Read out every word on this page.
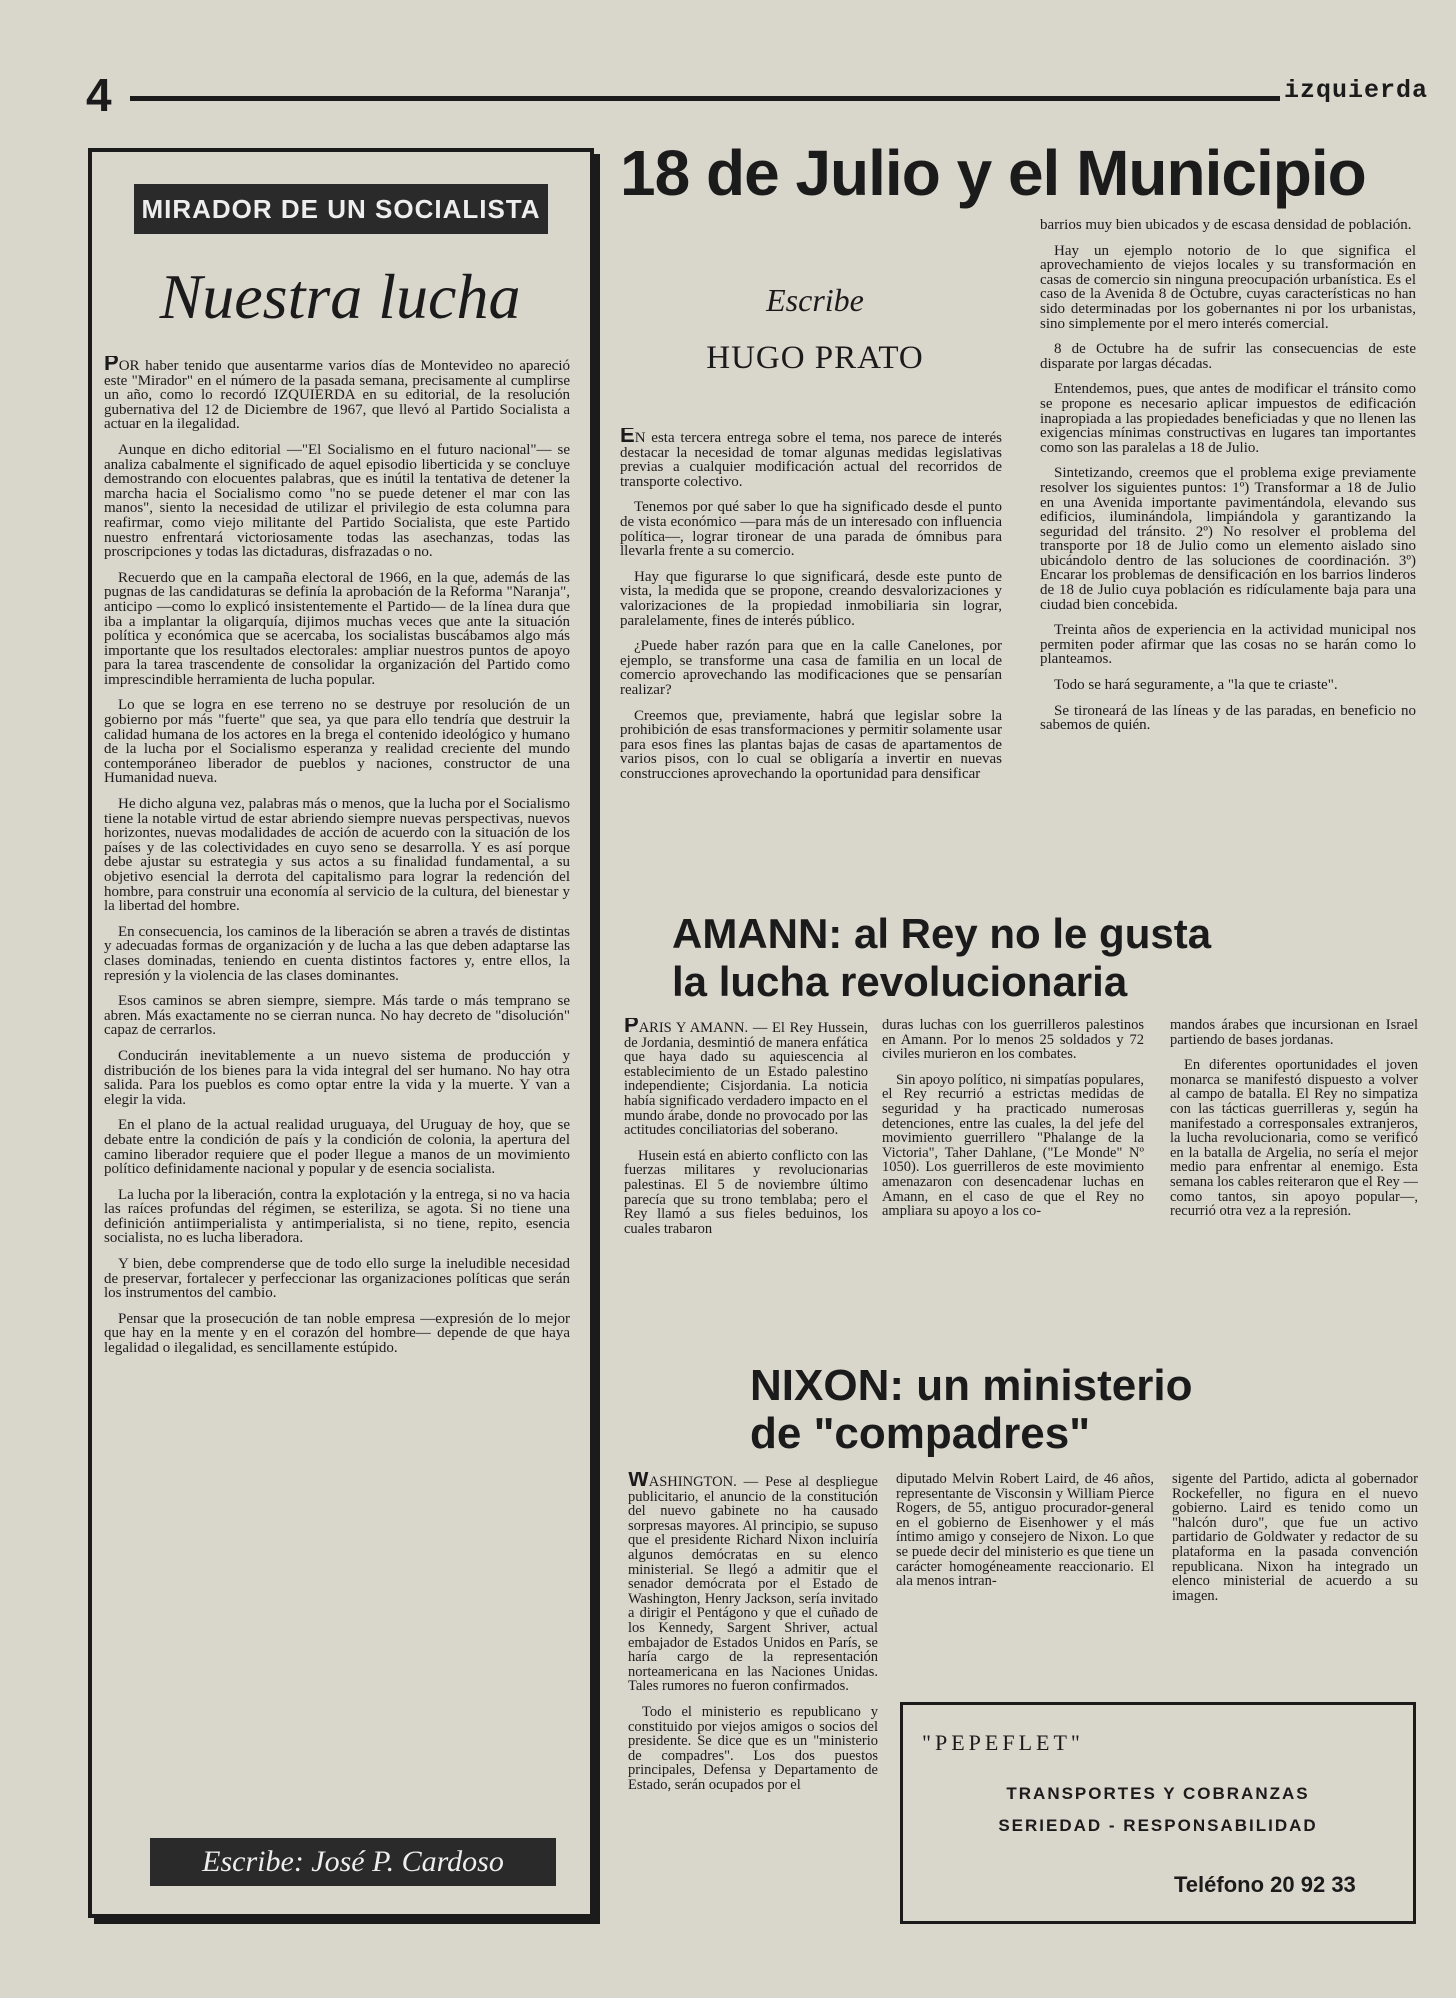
4	izquierda
MIRADOR DE UN SOCIALISTA
Nuestra lucha

POR haber tenido que ausentarme varios días de Montevideo no apareció este "Mirador" en el número de la pasada semana, precisamente al cumplirse un año, como lo recordó IZQUIERDA en su editorial, de la resolución gubernativa del 12 de Diciembre de 1967, que llevó al Partido Socialista a actuar en la ilegalidad.

Aunque en dicho editorial —"El Socialismo en el futuro nacional"— se analiza cabalmente el significado de aquel episodio liberticida y se concluye demostrando con elocuentes palabras, que es inútil la tentativa de detener la marcha hacia el Socialismo como "no se puede detener el mar con las manos", siento la necesidad de utilizar el privilegio de esta columna para reafirmar, como viejo militante del Partido Socialista, que este Partido nuestro enfrentará victoriosamente todas las asechanzas, todas las proscripciones y todas las dictaduras, disfrazadas o no.

Recuerdo que en la campaña electoral de 1966, en la que, además de las pugnas de las candidaturas se definía la aprobación de la Reforma "Naranja", anticipo —como lo explicó insistentemente el Partido— de la línea dura que iba a implantar la oligarquía, dijimos muchas veces que ante la situación política y económica que se acercaba, los socialistas buscábamos algo más importante que los resultados electorales: ampliar nuestros puntos de apoyo para la tarea trascendente de consolidar la organización del Partido como imprescindible herramienta de lucha popular.

Lo que se logra en ese terreno no se destruye por resolución de un gobierno por más "fuerte" que sea, ya que para ello tendría que destruir la calidad humana de los actores en la brega el contenido ideológico y humano de la lucha por el Socialismo esperanza y realidad creciente del mundo contemporáneo liberador de pueblos y naciones, constructor de una Humanidad nueva.

He dicho alguna vez, palabras más o menos, que la lucha por el Socialismo tiene la notable virtud de estar abriendo siempre nuevas perspectivas, nuevos horizontes, nuevas modalidades de acción de acuerdo con la situación de los países y de las colectividades en cuyo seno se desarrolla. Y es así porque debe ajustar su estrategia y sus actos a su finalidad fundamental, a su objetivo esencial la derrota del capitalismo para lograr la redención del hombre, para construir una economía al servicio de la cultura, del bienestar y la libertad del hombre.

En consecuencia, los caminos de la liberación se abren a través de distintas y adecuadas formas de organización y de lucha a las que deben adaptarse las clases dominadas, teniendo en cuenta distintos factores y, entre ellos, la represión y la violencia de las clases dominantes.

Esos caminos se abren siempre, siempre. Más tarde o más temprano se abren. Más exactamente no se cierran nunca. No hay decreto de "disolución" capaz de cerrarlos.

Conducirán inevitablemente a un nuevo sistema de producción y distribución de los bienes para la vida integral del ser humano. No hay otra salida. Para los pueblos es como optar entre la vida y la muerte. Y van a elegir la vida.

En el plano de la actual realidad uruguaya, del Uruguay de hoy, que se debate entre la condición de país y la condición de colonia, la apertura del camino liberador requiere que el poder llegue a manos de un movimiento político definidamente nacional y popular y de esencia socialista.

La lucha por la liberación, contra la explotación y la entrega, si no va hacia las raíces profundas del régimen, se esteriliza, se agota. Si no tiene una definición antiimperialista y antimperialista, si no tiene, repito, esencia socialista, no es lucha liberadora.

Y bien, debe comprenderse que de todo ello surge la ineludible necesidad de preservar, fortalecer y perfeccionar las organizaciones políticas que serán los instrumentos del cambio.

Pensar que la prosecución de tan noble empresa —expresión de lo mejor que hay en la mente y en el corazón del hombre— depende de que haya legalidad o ilegalidad, es sencillamente estúpido.

Escribe: José P. Cardoso
18 de Julio y el Municipio
Escribe
HUGO PRATO

EN esta tercera entrega sobre el tema, nos parece de interés destacar la necesidad de tomar algunas medidas legislativas previas a cualquier modificación actual del recorridos de transporte colectivo.

Tenemos por qué saber lo que ha significado desde el punto de vista económico —para más de un interesado con influencia política—, lograr tironear de una parada de ómnibus para llevarla frente a su comercio.

Hay que figurarse lo que significará, desde este punto de vista, la medida que se propone, creando desvalorizaciones y valorizaciones de la propiedad inmobiliaria sin lograr, paralelamente, fines de interés público.

¿Puede haber razón para que en la calle Canelones, por ejemplo, se transforme una casa de familia en un local de comercio aprovechando las modificaciones que se pensarían realizar?

Creemos que, previamente, habrá que legislar sobre la prohibición de esas transformaciones y permitir solamente usar para esos fines las plantas bajas de casas de apartamentos de varios pisos, con lo cual se obligaría a invertir en nuevas construcciones aprovechando la oportunidad para densificar

barrios muy bien ubicados y de escasa densidad de población.

Hay un ejemplo notorio de lo que significa el aprovechamiento de viejos locales y su transformación en casas de comercio sin ninguna preocupación urbanística. Es el caso de la Avenida 8 de Octubre, cuyas características no han sido determinadas por los gobernantes ni por los urbanistas, sino simplemente por el mero interés comercial.

8 de Octubre ha de sufrir las consecuencias de este disparate por largas décadas.

Entendemos, pues, que antes de modificar el tránsito como se propone es necesario aplicar impuestos de edificación inapropiada a las propiedades beneficiadas y que no llenen las exigencias mínimas constructivas en lugares tan importantes como son las paralelas a 18 de Julio.

Sintetizando, creemos que el problema exige previamente resolver los siguientes puntos: 1º) Transformar a 18 de Julio en una Avenida importante pavimentándola, elevando sus edificios, iluminándola, limpiándola y garantizando la seguridad del tránsito. 2º) No resolver el problema del transporte por 18 de Julio como un elemento aislado sino ubicándolo dentro de las soluciones de coordinación. 3º) Encarar los problemas de densificación en los barrios linderos de 18 de Julio cuya población es ridículamente baja para una ciudad bien concebida.

Treinta años de experiencia en la actividad municipal nos permiten poder afirmar que las cosas no se harán como lo planteamos.

Todo se hará seguramente, a "la que te criaste".

Se tironeará de las líneas y de las paradas, en beneficio no sabemos de quién.

AMANN: al Rey no le gusta
la lucha revolucionaria

PARIS Y AMANN. — El Rey Hussein, de Jordania, desmintió de manera enfática que haya dado su aquiescencia al establecimiento de un Estado palestino independiente; Cisjordania. La noticia había significado verdadero impacto en el mundo árabe, donde no provocado por las actitudes conciliatorias del soberano.

Husein está en abierto conflicto con las fuerzas militares y revolucionarias palestinas. El 5 de noviembre último parecía que su trono temblaba; pero el Rey llamó a sus fieles beduinos, los cuales trabaron

duras luchas con los guerrilleros palestinos en Amann. Por lo menos 25 soldados y 72 civiles murieron en los combates.

Sin apoyo político, ni simpatías populares, el Rey recurrió a estrictas medidas de seguridad y ha practicado numerosas detenciones, entre las cuales, la del jefe del movimiento guerrillero "Phalange de la Victoria", Taher Dahlane, ("Le Monde" Nº 1050). Los guerrilleros de este movimiento amenazaron con desencadenar luchas en Amann, en el caso de que el Rey no ampliara su apoyo a los co-

mandos árabes que incursionan en Israel partiendo de bases jordanas.

En diferentes oportunidades el joven monarca se manifestó dispuesto a volver al campo de batalla. El Rey no simpatiza con las tácticas guerrilleras y, según ha manifestado a corresponsales extranjeros, la lucha revolucionaria, como se verificó en la batalla de Argelia, no sería el mejor medio para enfrentar al enemigo. Esta semana los cables reiteraron que el Rey —como tantos, sin apoyo popular—, recurrió otra vez a la represión.

NIXON: un ministerio
de "compadres"

WASHINGTON. — Pese al despliegue publicitario, el anuncio de la constitución del nuevo gabinete no ha causado sorpresas mayores. Al principio, se supuso que el presidente Richard Nixon incluiría algunos demócratas en su elenco ministerial. Se llegó a admitir que el senador demócrata por el Estado de Washington, Henry Jackson, sería invitado a dirigir el Pentágono y que el cuñado de los Kennedy, Sargent Shriver, actual embajador de Estados Unidos en París, se haría cargo de la representación norteamericana en las Naciones Unidas. Tales rumores no fueron confirmados.

Todo el ministerio es republicano y constituido por viejos amigos o socios del presidente. Se dice que es un "ministerio de compadres". Los dos puestos principales, Defensa y Departamento de Estado, serán ocupados por el

diputado Melvin Robert Laird, de 46 años, representante de Visconsin y William Pierce Rogers, de 55, antiguo procurador-general en el gobierno de Eisenhower y el más íntimo amigo y consejero de Nixon. Lo que se puede decir del ministerio es que tiene un carácter homogéneamente reaccionario. El ala menos intran-

sigente del Partido, adicta al gobernador Rockefeller, no figura en el nuevo gobierno. Laird es tenido como un "halcón duro", que fue un activo partidario de Goldwater y redactor de su plataforma en la pasada convención republicana. Nixon ha integrado un elenco ministerial de acuerdo a su imagen.

"PEPEFLET"
TRANSPORTES Y COBRANZAS
SERIEDAD - RESPONSABILIDAD
Teléfono 20 92 33
